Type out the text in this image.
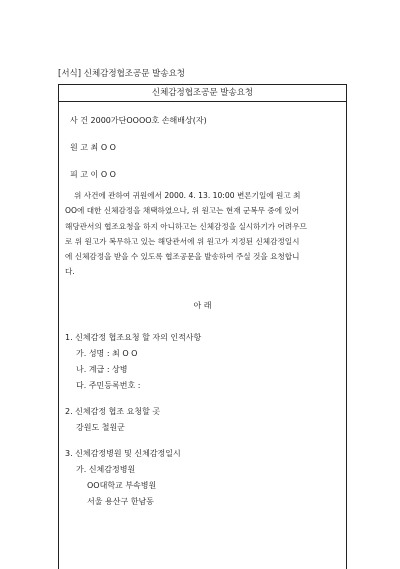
[서식] 신체감정협조공문 발송요청
신체감정협조공문 발송요청
사 건 2000가단OOOO호 손해배상(자)
원 고 최 O O
피 고 이 O O
위 사건에 관하여 귀원에서 2000. 4. 13. 10:00 변론기일에 원고 최
OO에 대한 신체감정을 채택하였으나, 위 원고는 현재 군복무 중에 있어
해당관서의 협조요청을 하지 아니하고는 신체감정을 실시하기가 어려우므
로 위 원고가 복무하고 있는 해당관서에 위 원고가 지정된 신체감정일시
에 신체감정을 받을 수 있도록 협조공문을 발송하여 주실 것을 요청합니
다.
아 래
1. 신체감정 협조요청 할 자의 인적사항
가. 성명 : 최 O O
나. 계급 : 상병
다. 주민등록번호 :
2. 신체감정 협조 요청할 곳
강원도 철원군
3. 신체감정병원 및 신체감정일시
가. 신체감정병원
OO대학교 부속병원
서울 용산구 한남동
